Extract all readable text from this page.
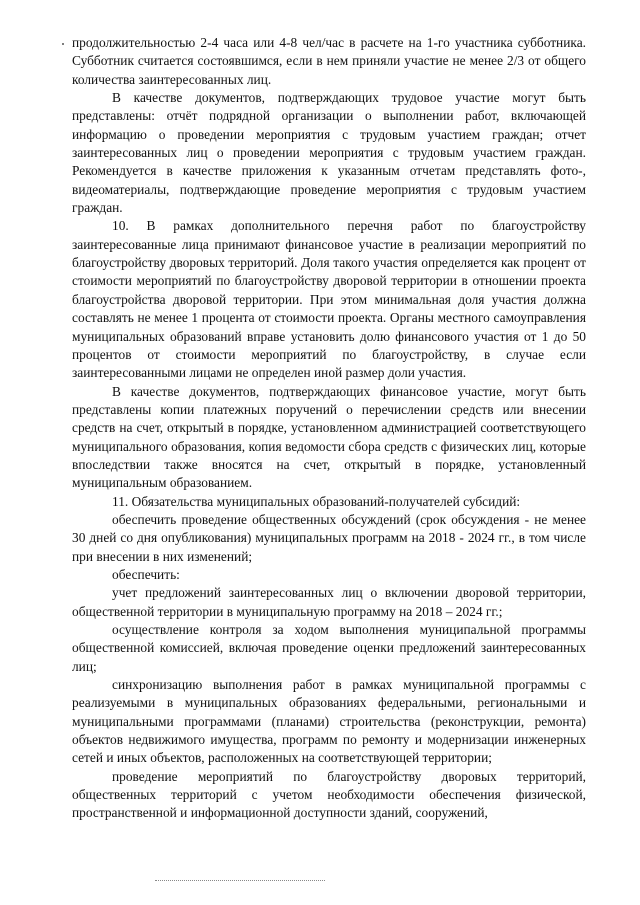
продолжительностью 2-4 часа или 4-8 чел/час в расчете на 1-го участника субботника. Субботник считается состоявшимся, если в нем приняли участие не менее 2/3 от общего количества заинтересованных лиц.

В качестве документов, подтверждающих трудовое участие могут быть представлены: отчёт подрядной организации о выполнении работ, включающей информацию о проведении мероприятия с трудовым участием граждан; отчет заинтересованных лиц о проведении мероприятия с трудовым участием граждан. Рекомендуется в качестве приложения к указанным отчетам представлять фото-, видеоматериалы, подтверждающие проведение мероприятия с трудовым участием граждан.

10. В рамках дополнительного перечня работ по благоустройству заинтересованные лица принимают финансовое участие в реализации мероприятий по благоустройству дворовых территорий. Доля такого участия определяется как процент от стоимости мероприятий по благоустройству дворовой территории в отношении проекта благоустройства дворовой территории. При этом минимальная доля участия должна составлять не менее 1 процента от стоимости проекта. Органы местного самоуправления муниципальных образований вправе установить долю финансового участия от 1 до 50 процентов от стоимости мероприятий по благоустройству, в случае если заинтересованными лицами не определен иной размер доли участия.

В качестве документов, подтверждающих финансовое участие, могут быть представлены копии платежных поручений о перечислении средств или внесении средств на счет, открытый в порядке, установленном администрацией соответствующего муниципального образования, копия ведомости сбора средств с физических лиц, которые впоследствии также вносятся на счет, открытый в порядке, установленный муниципальным образованием.

11. Обязательства муниципальных образований-получателей субсидий:

обеспечить проведение общественных обсуждений (срок обсуждения - не менее 30 дней со дня опубликования) муниципальных программ на 2018 - 2024 гг., в том числе при внесении в них изменений;

обеспечить:

учет предложений заинтересованных лиц о включении дворовой территории, общественной территории в муниципальную программу на 2018 – 2024 гг.;

осуществление контроля за ходом выполнения муниципальной программы общественной комиссией, включая проведение оценки предложений заинтересованных лиц;

синхронизацию выполнения работ в рамках муниципальной программы с реализуемыми в муниципальных образованиях федеральными, региональными и муниципальными программами (планами) строительства (реконструкции, ремонта) объектов недвижимого имущества, программ по ремонту и модернизации инженерных сетей и иных объектов, расположенных на соответствующей территории;

проведение мероприятий по благоустройству дворовых территорий, общественных территорий с учетом необходимости обеспечения физической, пространственной и информационной доступности зданий, сооружений,
